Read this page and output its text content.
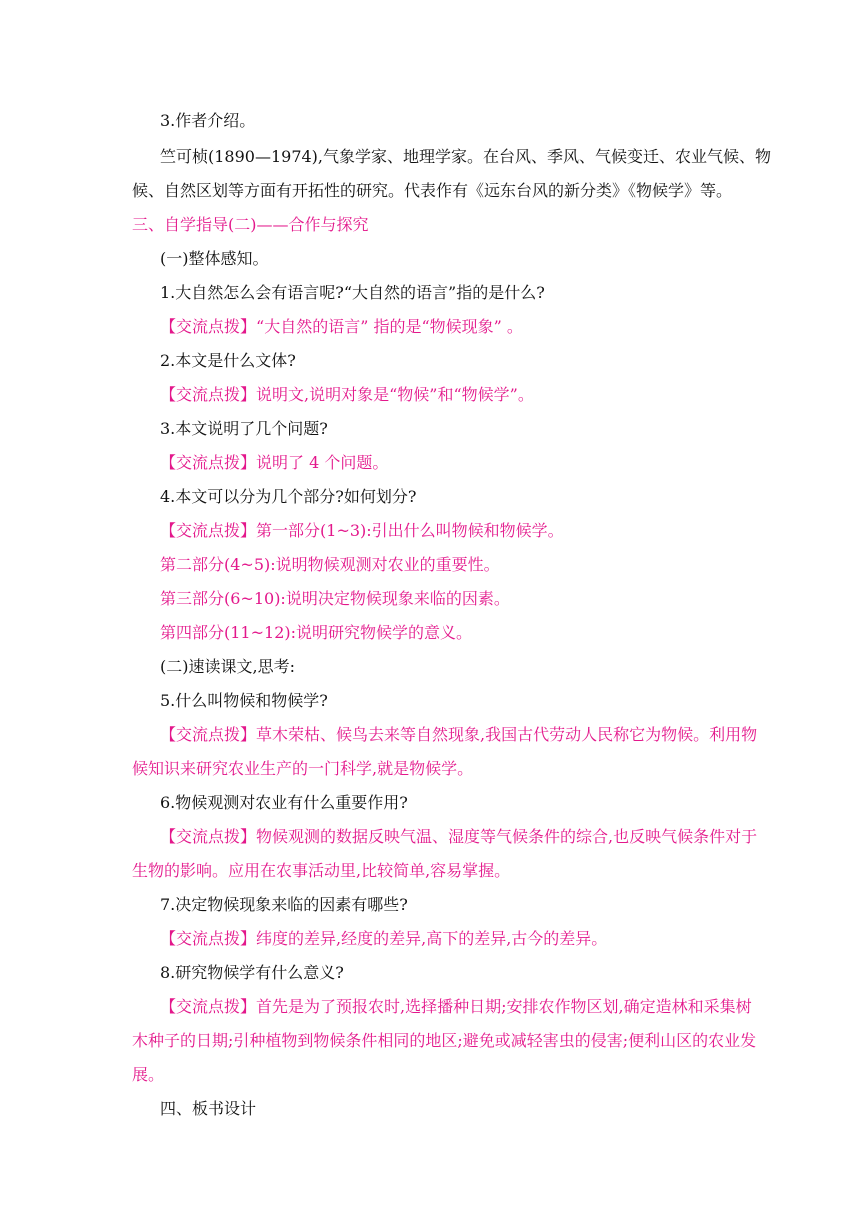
3.作者介绍。
竺可桢(1890—1974),气象学家、地理学家。在台风、季风、气候变迁、农业气候、物
候、自然区划等方面有开拓性的研究。代表作有《远东台风的新分类》《物候学》等。
三、自学指导(二)——合作与探究
(一)整体感知。
1.大自然怎么会有语言呢?“大自然的语言”指的是什么?
【交流点拨】“大自然的语言” 指的是“物候现象” 。
2.本文是什么文体?
【交流点拨】说明文,说明对象是“物候”和“物候学”。
3.本文说明了几个问题?
【交流点拨】说明了 4 个问题。
4.本文可以分为几个部分?如何划分?
【交流点拨】第一部分(1~3):引出什么叫物候和物候学。
第二部分(4~5):说明物候观测对农业的重要性。
第三部分(6~10):说明决定物候现象来临的因素。
第四部分(11~12):说明研究物候学的意义。
(二)速读课文,思考:
5.什么叫物候和物候学?
【交流点拨】草木荣枯、候鸟去来等自然现象,我国古代劳动人民称它为物候。利用物
候知识来研究农业生产的一门科学,就是物候学。
6.物候观测对农业有什么重要作用?
【交流点拨】物候观测的数据反映气温、湿度等气候条件的综合,也反映气候条件对于
生物的影响。应用在农事活动里,比较简单,容易掌握。
7.决定物候现象来临的因素有哪些?
【交流点拨】纬度的差异,经度的差异,高下的差异,古今的差异。
8.研究物候学有什么意义?
【交流点拨】首先是为了预报农时,选择播种日期;安排农作物区划,确定造林和采集树
木种子的日期;引种植物到物候条件相同的地区;避免或减轻害虫的侵害;便利山区的农业发
展。
四、板书设计
